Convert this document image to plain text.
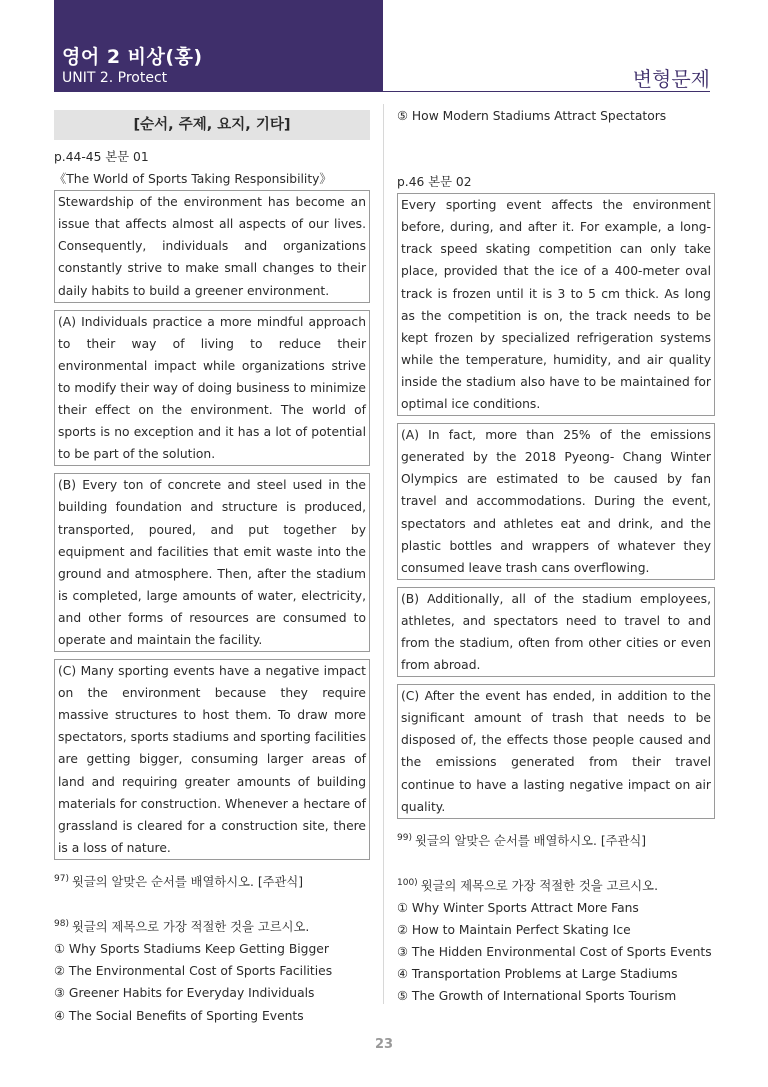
영어 2 비상(홍)
UNIT 2. Protect	변형문제
[순서, 주제, 요지, 기타]

p.44-45 본문 01

《The World of Sports Taking Responsibility》

Stewardship of the environment has become an issue that affects almost all aspects of our lives. Consequently, individuals and organizations constantly strive to make small changes to their daily habits to build a greener environment.
(A) Individuals practice a more mindful approach to their way of living to reduce their environmental impact while organizations strive to modify their way of doing business to minimize their effect on the environment. The world of sports is no exception and it has a lot of potential to be part of the solution.
(B) Every ton of concrete and steel used in the building foundation and structure is produced, transported, poured, and put together by equipment and facilities that emit waste into the ground and atmosphere. Then, after the stadium is completed, large amounts of water, electricity, and other forms of resources are consumed to operate and maintain the facility.
(C) Many sporting events have a negative impact on the environment because they require massive structures to host them. To draw more spectators, sports stadiums and sporting facilities are getting bigger, consuming larger areas of land and requiring greater amounts of building materials for construction. Whenever a hectare of grassland is cleared for a construction site, there is a loss of nature.
$^{97)}$ 윗글의 알맞은 순서를 배열하시오. [주관식]
$^{98)}$ 윗글의 제목으로 가장 적절한 것을 고르시오.

① Why Sports Stadiums Keep Getting Bigger

② The Environmental Cost of Sports Facilities

③ Greener Habits for Everyday Individuals

④ The Social Benefits of Sporting Events

⑤ How Modern Stadiums Attract Spectators

p.46 본문 02

Every sporting event affects the environment before, during, and after it. For example, a long-track speed skating competition can only take place, provided that the ice of a 400-meter oval track is frozen until it is 3 to 5 cm thick. As long as the competition is on, the track needs to be kept frozen by specialized refrigeration systems while the temperature, humidity, and air quality inside the stadium also have to be maintained for optimal ice conditions.
(A) In fact, more than 25% of the emissions generated by the 2018 Pyeong- Chang Winter Olympics are estimated to be caused by fan travel and accommodations. During the event, spectators and athletes eat and drink, and the plastic bottles and wrappers of whatever they consumed leave trash cans overflowing.
(B) Additionally, all of the stadium employees, athletes, and spectators need to travel to and from the stadium, often from other cities or even from abroad.
(C) After the event has ended, in addition to the significant amount of trash that needs to be disposed of, the effects those people caused and the emissions generated from their travel continue to have a lasting negative impact on air quality.
$^{99)}$ 윗글의 알맞은 순서를 배열하시오. [주관식]
$^{100)}$ 윗글의 제목으로 가장 적절한 것을 고르시오.

① Why Winter Sports Attract More Fans

② How to Maintain Perfect Skating Ice

③ The Hidden Environmental Cost of Sports Events

④ Transportation Problems at Large Stadiums

⑤ The Growth of International Sports Tourism

23
